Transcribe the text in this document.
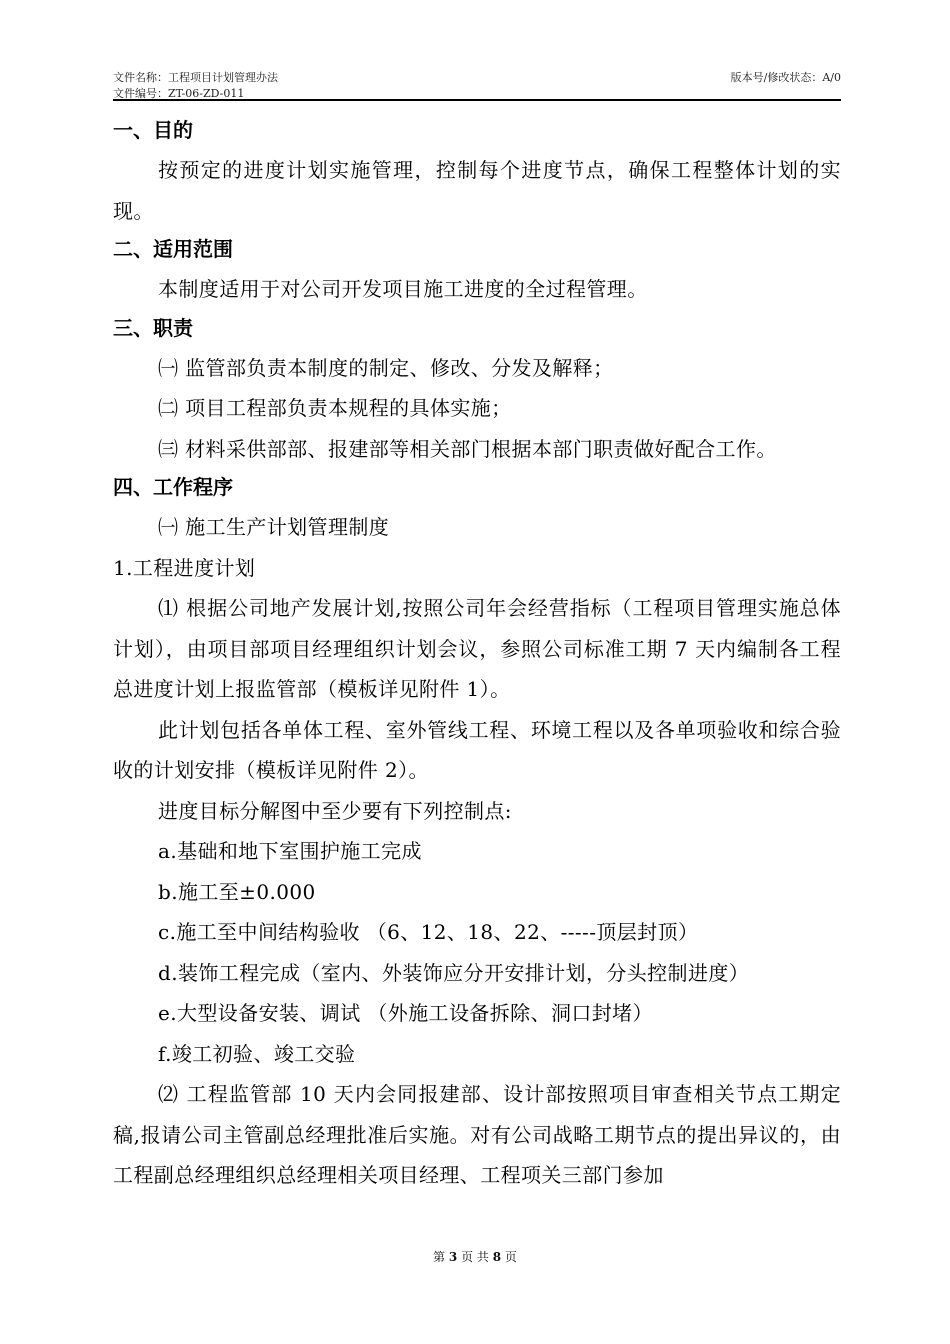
文件名称：工程项目计划管理办法	版本号/修改状态：A/0
文件编号：ZT-06-ZD-011
一、目的

按预定的进度计划实施管理，控制每个进度节点，确保工程整体计划的实现。

二、适用范围

本制度适用于对公司开发项目施工进度的全过程管理。

三、职责

㈠ 监管部负责本制度的制定、修改、分发及解释；

㈡ 项目工程部负责本规程的具体实施；

㈢ 材料采供部部、报建部等相关部门根据本部门职责做好配合工作。

四、工作程序

㈠ 施工生产计划管理制度

1.工程进度计划

⑴ 根据公司地产发展计划,按照公司年会经营指标（工程项目管理实施总体计划），由项目部项目经理组织计划会议，参照公司标准工期 7 天内编制各工程总进度计划上报监管部（模板详见附件 1）。

此计划包括各单体工程、室外管线工程、环境工程以及各单项验收和综合验收的计划安排（模板详见附件 2）。

进度目标分解图中至少要有下列控制点:

a.基础和地下室围护施工完成

b.施工至±0.000

c.施工至中间结构验收 （6、12、18、22、-----顶层封顶）

d.装饰工程完成（室内、外装饰应分开安排计划，分头控制进度）

e.大型设备安装、调试 （外施工设备拆除、洞口封堵）

f.竣工初验、竣工交验

⑵ 工程监管部 10 天内会同报建部、设计部按照项目审查相关节点工期定稿,报请公司主管副总经理批准后实施。对有公司战略工期节点的提出异议的，由工程副总经理组织总经理相关项目经理、工程项关三部门参加

第 3 页 共 8 页
